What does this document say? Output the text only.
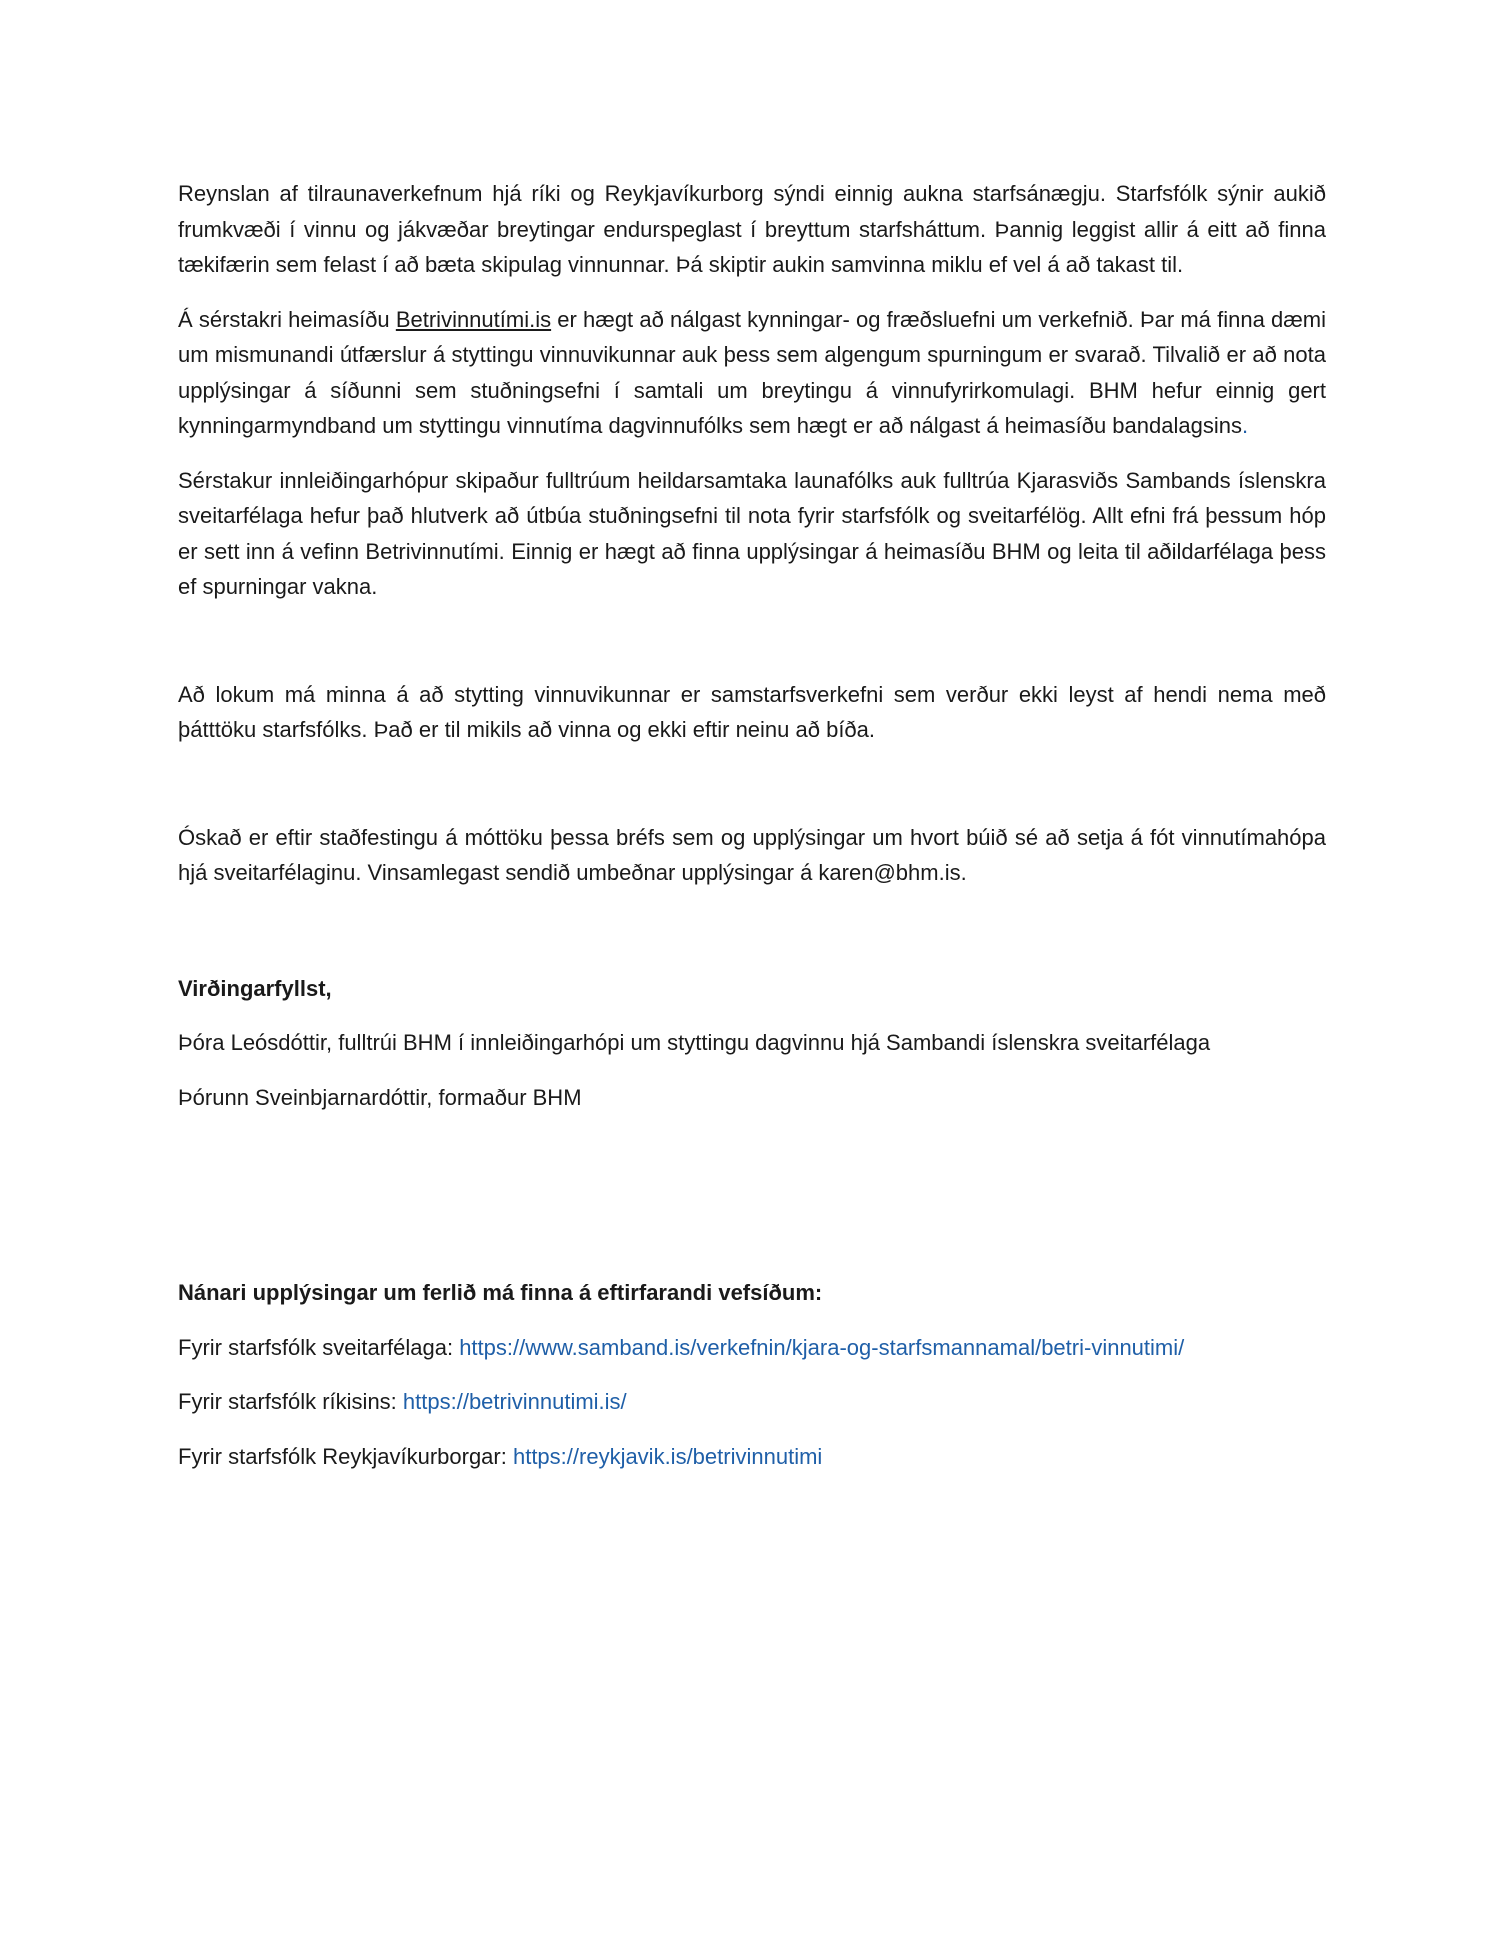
Reynslan af tilraunaverkefnum hjá ríki og Reykjavíkurborg sýndi einnig aukna starfsánægju. Starfsfólk sýnir aukið frumkvæði í vinnu og jákvæðar breytingar endurspeglast í breyttum starfsháttum. Þannig leggist allir á eitt að finna tækifærin sem felast í að bæta skipulag vinnunnar. Þá skiptir aukin samvinna miklu ef vel á að takast til.

Á sérstakri heimasíðu Betrivinnutími.is er hægt að nálgast kynningar- og fræðsluefni um verkefnið. Þar má finna dæmi um mismunandi útfærslur á styttingu vinnuvikunnar auk þess sem algengum spurningum er svarað. Tilvalið er að nota upplýsingar á síðunni sem stuðningsefni í samtali um breytingu á vinnufyrirkomulagi. BHM hefur einnig gert kynningarmyndband um styttingu vinnutíma dagvinnufólks sem hægt er að nálgast á heimasíðu bandalagsins.

Sérstakur innleiðingarhópur skipaður fulltrúum heildarsamtaka launafólks auk fulltrúa Kjarasviðs Sambands íslenskra sveitarfélaga hefur það hlutverk að útbúa stuðningsefni til nota fyrir starfsfólk og sveitarfélög. Allt efni frá þessum hóp er sett inn á vefinn Betrivinnutími. Einnig er hægt að finna upplýsingar á heimasíðu BHM og leita til aðildarfélaga þess ef spurningar vakna.

Að lokum má minna á að stytting vinnuvikunnar er samstarfsverkefni sem verður ekki leyst af hendi nema með þátttöku starfsfólks. Það er til mikils að vinna og ekki eftir neinu að bíða.

Óskað er eftir staðfestingu á móttöku þessa bréfs sem og upplýsingar um hvort búið sé að setja á fót vinnutímahópa hjá sveitarfélaginu. Vinsamlegast sendið umbeðnar upplýsingar á karen@bhm.is.

Virðingarfyllst,

Þóra Leósdóttir, fulltrúi BHM í innleiðingarhópi um styttingu dagvinnu hjá Sambandi íslenskra sveitarfélaga

Þórunn Sveinbjarnardóttir, formaður BHM

Nánari upplýsingar um ferlið má finna á eftirfarandi vefsíðum:

Fyrir starfsfólk sveitarfélaga: https://www.samband.is/verkefnin/kjara-og-starfsmannamal/betri-vinnutimi/

Fyrir starfsfólk ríkisins: https://betrivinnutimi.is/

Fyrir starfsfólk Reykjavíkurborgar: https://reykjavik.is/betrivinnutimi
